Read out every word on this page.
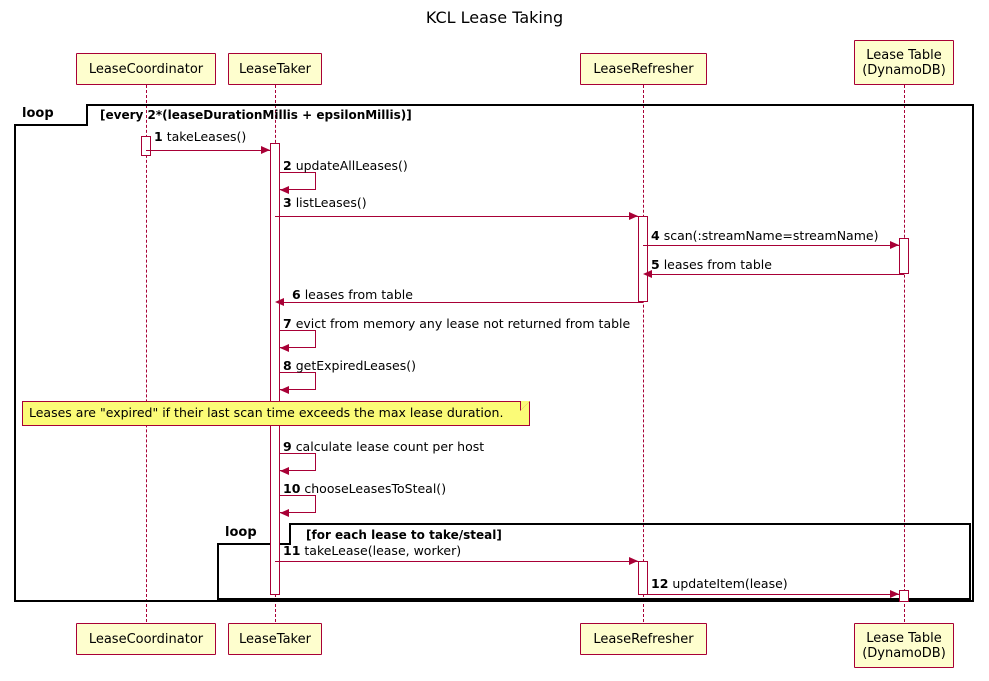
KCL Lease Taking
LeaseCoordinator	LeaseTaker	LeaseRefresher
Lease Table
(DynamoDB)
loop	[every 2*(leaseDurationMillis + epsilonMillis)]
loop	[for each lease to take/steal]
1 takeLeases()
2 updateAllLeases()
3 listLeases()
4 scan(:streamName=streamName)
5 leases from table
6 leases from table
7 evict from memory any lease not returned from table
8 getExpiredLeases()
Leases are "expired" if their last scan time exceeds the max lease duration.
9 calculate lease count per host
10 chooseLeasesToSteal()
11 takeLease(lease, worker)
12 updateItem(lease)
LeaseCoordinator	LeaseTaker	LeaseRefresher	Lease Table
(DynamoDB)
